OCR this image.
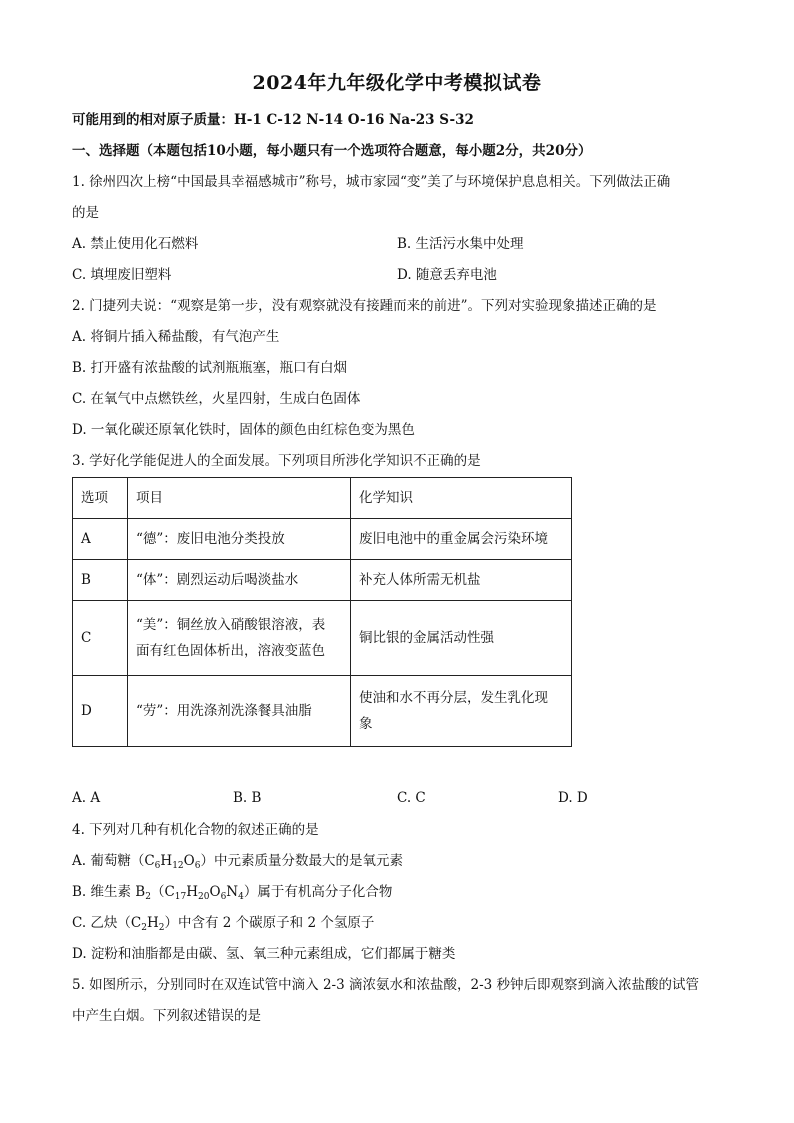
2024年九年级化学中考模拟试卷
可能用到的相对原子质量：H-1 C-12 N-14 O-16 Na-23 S-32
一、选择题（本题包括10小题，每小题只有一个选项符合题意，每小题2分，共20分）
1. 徐州四次上榜“中国最具幸福感城市”称号，城市家园“变”美了与环境保护息息相关。下列做法正确
的是
A. 禁止使用化石燃料	B. 生活污水集中处理
C. 填埋废旧塑料	D. 随意丢弃电池
2. 门捷列夫说：“观察是第一步，没有观察就没有接踵而来的前进”。下列对实验现象描述正确的是
A. 将铜片插入稀盐酸，有气泡产生
B. 打开盛有浓盐酸的试剂瓶瓶塞，瓶口有白烟
C. 在氧气中点燃铁丝，火星四射，生成白色固体
D. 一氧化碳还原氧化铁时，固体的颜色由红棕色变为黑色
3. 学好化学能促进人的全面发展。下列项目所涉化学知识不正确的是
选项	项目	化学知识
A	“德”：废旧电池分类投放	废旧电池中的重金属会污染环境
B	“体”：剧烈运动后喝淡盐水	补充人体所需无机盐
C	“美”：铜丝放入硝酸银溶液，表
面有红色固体析出，溶液变蓝色	铜比银的金属活动性强
D	“劳”：用洗涤剂洗涤餐具油脂	使油和水不再分层，发生乳化现
象
A. A	B. B	C. C	D. D
4. 下列对几种有机化合物的叙述正确的是
A. 葡萄糖$(C_6H_{12}O_6)$中元素质量分数最大的是氧元素
B. 维生素 $B_2(C_{17}H_{20}O_6N_4)$属于有机高分子化合物
C. 乙炔$(C_2H_2)$中含有 2 个碳原子和 2 个氢原子
D. 淀粉和油脂都是由碳、氢、氧三种元素组成，它们都属于糖类
5. 如图所示，分别同时在双连试管中滴入 2-3 滴浓氨水和浓盐酸，2-3 秒钟后即观察到滴入浓盐酸的试管
中产生白烟。下列叙述错误的是
